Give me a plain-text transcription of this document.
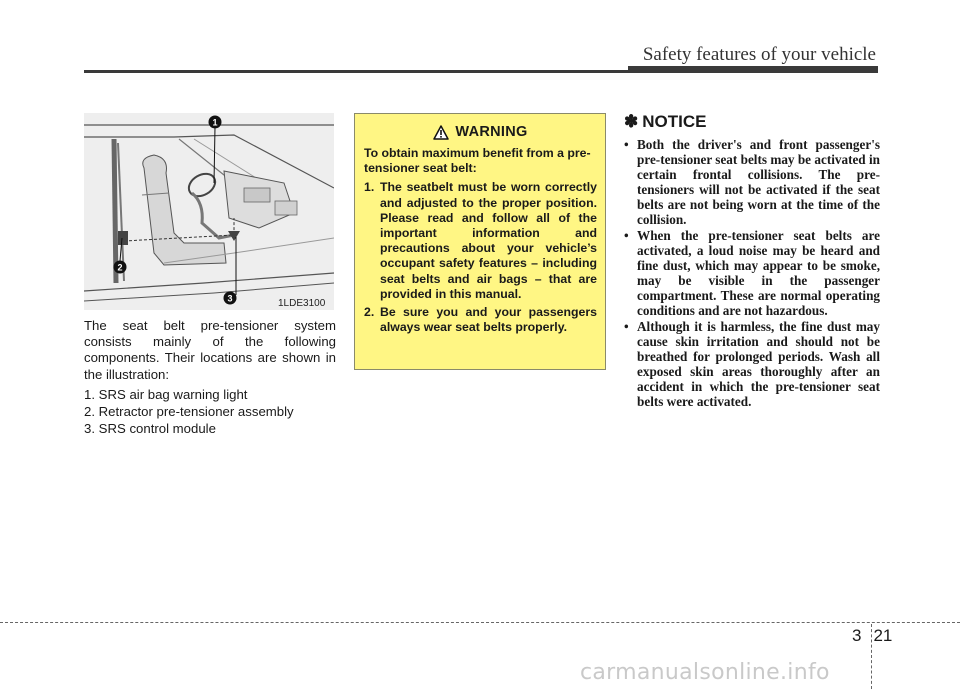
Safety features of your vehicle
1
2
3	1LDE3100

The seat belt pre-tensioner system consists mainly of the following components. Their locations are shown in the illustration:

1. SRS air bag warning light
2. Retractor pre-tensioner assembly
3. SRS control module
WARNING

To obtain maximum benefit from a pre-tensioner seat belt:

1. The seatbelt must be worn correctly and adjusted to the proper position. Please read and follow all of the important information and precautions about your vehicle’s occupant safety features – including seat belts and air bags – that are provided in this manual.
2. Be sure you and your passengers always wear seat belts properly.
✽ NOTICE
• Both the driver's and front passenger's pre-tensioner seat belts may be activated in certain frontal collisions. The pre-tensioners will not be activated if the seat belts are not being worn at the time of the collision.
• When the pre-tensioner seat belts are activated, a loud noise may be heard and fine dust, which may appear to be smoke, may be visible in the passenger compartment. These are normal operating conditions and are not hazardous.
• Although it is harmless, the fine dust may cause skin irritation and should not be breathed for prolonged periods. Wash all exposed skin areas thoroughly after an accident in which the pre-tensioner seat belts were activated.
3 21
carmanualsonline.info
